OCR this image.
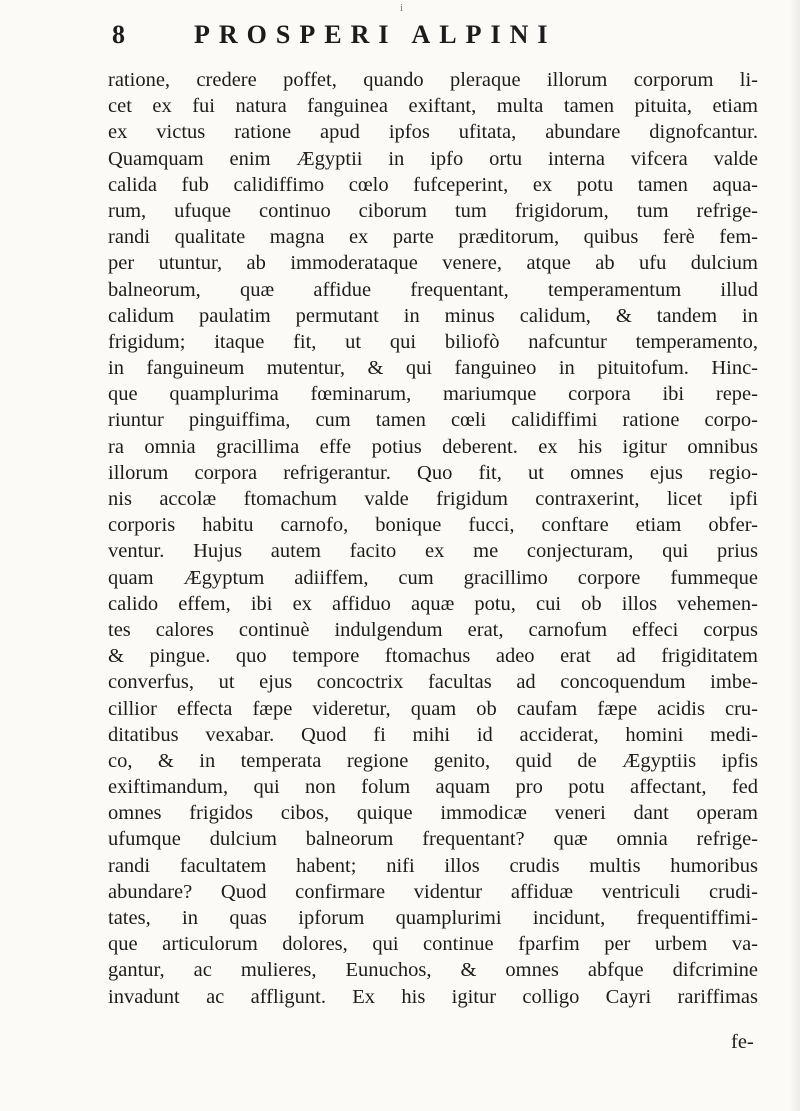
i
8	PROSPERI ALPINI
ratione, credere poffet, quando pleraque illorum corporum li-
cet ex fui natura fanguinea exiftant, multa tamen pituita, etiam
ex victus ratione apud ipfos ufitata, abundare dignofcantur.
Quamquam enim Ægyptii in ipfo ortu interna vifcera valde
calida fub calidiffimo cœlo fufceperint, ex potu tamen aqua-
rum, ufuque continuo ciborum tum frigidorum, tum refrige-
randi qualitate magna ex parte præditorum, quibus ferè fem-
per utuntur, ab immoderataque venere, atque ab ufu dulcium
balneorum, quæ affidue frequentant, temperamentum illud
calidum paulatim permutant in minus calidum, & tandem in
frigidum; itaque fit, ut qui biliofò nafcuntur temperamento,
in fanguineum mutentur, & qui fanguineo in pituitofum. Hinc-
que quamplurima fœminarum, mariumque corpora ibi repe-
riuntur pinguiffima, cum tamen cœli calidiffimi ratione corpo-
ra omnia gracillima effe potius deberent. ex his igitur omnibus
illorum corpora refrigerantur. Quo fit, ut omnes ejus regio-
nis accolæ ftomachum valde frigidum contraxerint, licet ipfi
corporis habitu carnofo, bonique fucci, conftare etiam obfer-
ventur. Hujus autem facito ex me conjecturam, qui prius
quam Ægyptum adiiffem, cum gracillimo corpore fummeque
calido effem, ibi ex affiduo aquæ potu, cui ob illos vehemen-
tes calores continuè indulgendum erat, carnofum effeci corpus
& pingue. quo tempore ftomachus adeo erat ad frigiditatem
converfus, ut ejus concoctrix facultas ad concoquendum imbe-
cillior effecta fæpe videretur, quam ob caufam fæpe acidis cru-
ditatibus vexabar. Quod fi mihi id acciderat, homini medi-
co, & in temperata regione genito, quid de Ægyptiis ipfis
exiftimandum, qui non folum aquam pro potu affectant, fed
omnes frigidos cibos, quique immodicæ veneri dant operam
ufumque dulcium balneorum frequentant? quæ omnia refrige-
randi facultatem habent; nifi illos crudis multis humoribus
abundare? Quod confirmare videntur affiduæ ventriculi crudi-
tates, in quas ipforum quamplurimi incidunt, frequentiffimi-
que articulorum dolores, qui continue fparfim per urbem va-
gantur, ac mulieres, Eunuchos, & omnes abfque difcrimine
invadunt ac affligunt. Ex his igitur colligo Cayri rariffimas
fe-
